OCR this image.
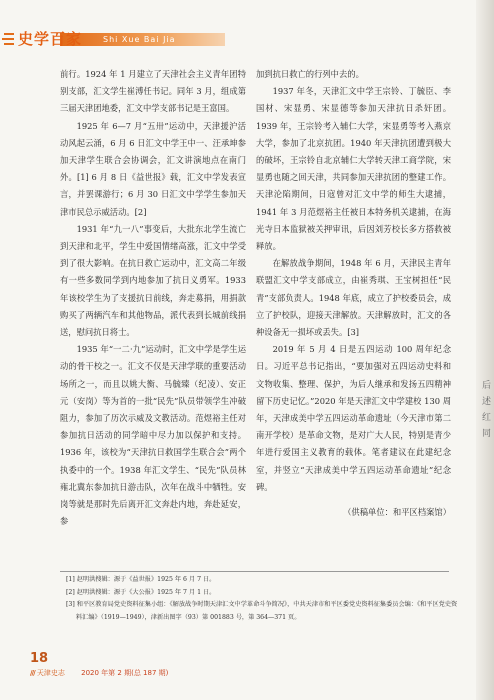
史学百家	Shi Xue Bai Jia

前行。1924 年 1 月建立了天津社会主义青年团特别支部，汇文学生崔溥任书记。同年 3 月，组成第三届天津团地委，汇文中学支部书记是王富国。

1925 年 6—7 月“五卅”运动中，天津援沪活动风起云涌，6 月 6 日汇文中学王中一、汪承坤参加天津学生联合会协调会，汇文讲演地点在南门外。[1] 6 月 8 日《益世报》载，汇文中学发表宣言，并罢课游行；6 月 30 日汇文中学学生参加天津市民总示威活动。[2]

1931 年“九一八”事变后，大批东北学生流亡到天津和北平，学生中爱国情绪高涨，汇文中学受到了很大影响。在抗日救亡运动中，汇文高二年级有一些多数同学到内地参加了抗日义勇军。1933 年该校学生为了支援抗日前线，奔走募捐，用捐款购买了两辆汽车和其他物品，派代表到长城前线捐送，慰问抗日将士。

1935 年“一二·九”运动时，汇文中学是学生运动的骨干校之一。汇文不仅是天津学联的重要活动场所之一，而且以姚大衡、马毓臻（纪凌）、安正元（安岗）等为首的一批“民先”队员带领学生冲破阻力，参加了历次示威及文教活动。范煜裕主任对参加抗日活动的同学暗中尽力加以保护和支持。1936 年，该校为“天津抗日救国学生联合会”两个执委中的一个。1938 年汇文学生、“民先”队员林雍北冀东参加抗日游击队，次年在战斗中牺牲。安岗等就是那时先后离开汇文奔赴内地，奔赴延安，参

加到抗日救亡的行列中去的。

1937 年冬，天津汇文中学王宗铃、丁毓臣、李国材、宋显勇、宋显德等参加天津抗日杀奸团。1939 年，王宗铃考入辅仁大学，宋显勇等考入燕京大学，参加了北京抗团。1940 年天津抗团遭到极大的破坏，王宗铃自北京辅仁大学转天津工商学院，宋显勇也随之回天津，共同参加天津抗团的整建工作。天津沦陷期间，日寇曾对汇文中学的师生大逮捕，1941 年 3 月范煜裕主任被日本特务机关逮捕，在海光寺日本监狱被关押审讯，后因刘芳校长多方搭救被释放。

在解放战争期间，1948 年 6 月，天津民主青年联盟汇文中学支部成立，由崔秀琪、王宝树担任“民青”支部负责人。1948 年底，成立了护校委员会，成立了护校队，迎接天津解放。天津解放时，汇文的各种设备无一损坏或丢失。[3]

2019 年 5 月 4 日是五四运动 100 周年纪念日。习近平总书记指出，“要加强对五四运动史料和文物收集、整理、保护，为后人继承和发扬五四精神留下历史记忆。”2020 年是天津汇文中学建校 130 周年，天津成美中学五四运动革命遗址（今天津市第二南开学校）是革命文物，是对广大人民，特别是青少年进行爱国主义教育的载体。笔者建议在此建纪念室，并竖立“天津成美中学五四运动革命遗址”纪念碑。

（供稿单位：和平区档案馆）

[1] 赵明洪搜辑：源于《益世报》1925 年 6 月 7 日。

[2] 赵明洪搜辑：源于《大公报》1925 年 7 月 1 日。

[3] 和平区教育局党史资料征集小组：《解放战争时期天津汇文中学革命斗争简况》，中共天津市和平区委党史资料征集委员会编：《和平区党史资料汇编》（1919—1949），津新出图字（93）第 001883 号，第 364—371 页。

18
/// 天津史志 2020 年第 2 期(总 187 期)
后
述
红
同
